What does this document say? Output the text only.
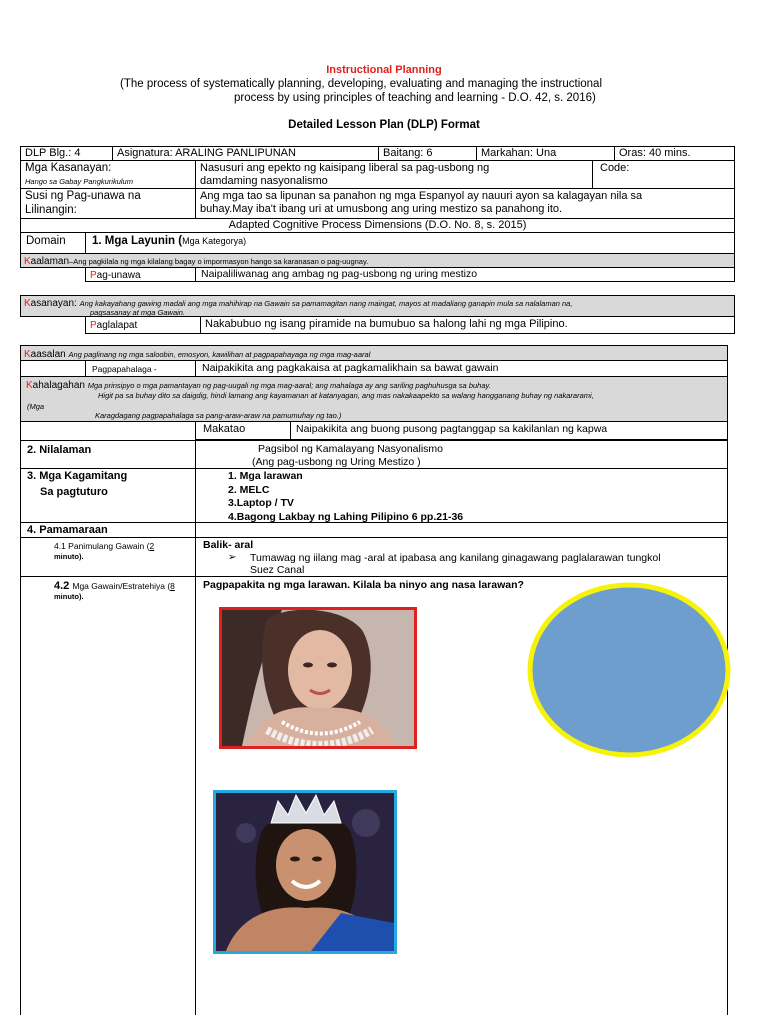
Instructional Planning
(The process of systematically planning, developing, evaluating and managing the instructional
process by using principles of teaching and learning - D.O. 42, s. 2016)
Detailed Lesson Plan (DLP) Format
DLP Blg.: 4	Asignatura: ARALING PANLIPUNAN	Baitang: 6	Markahan: Una	Oras: 40 mins.
Mga Kasanayan:
Hango sa Gabay Pangkurikulum
Nasusuri ang epekto ng kaisipang liberal sa pag-usbong ng
damdaming nasyonalismo
Code:
Susi ng Pag-unawa na
Lilinangin:
Ang mga tao sa lipunan sa panahon ng mga Espanyol ay nauuri ayon sa kalagayan nila sa
buhay.May iba't ibang uri at umusbong ang uring mestizo sa panahong ito.
Adapted Cognitive Process Dimensions (D.O. No. 8, s. 2015)
Domain 1. Mga Layunin (Mga Kategorya)
Kaalaman–Ang pagkilala ng mga kilalang bagay o impormasyon hango sa karanasan o pag-uugnay.
Pag-unawa	Naipaliliwanag ang ambag ng pag-usbong ng uring mestizo
Kasanayan: Ang kakayahang gawing madali ang mga mahihirap na Gawain sa pamamagitan nang maingat, mayos at madaliang ganapin mula sa nalalaman na,
pagsasanay at mga Gawain.
Paglalapat	Nakabubuo ng isang piramide na bumubuo sa halong lahi ng mga Pilipino.
Kaasalan Ang paglinang ng mga saloobin, emosyon, kawilihan at pagpapahayaga ng mga mag-aaral
Pagpapahalaga -	Naipakikita ang pagkakaisa at pagkamalikhain sa bawat gawain
Kahalagahan Mga prinsipyo o mga pamantayan ng pag-uugali ng mga mag-aaral; ang mahalaga ay ang sariling paghuhusga sa buhay.
Higit pa sa buhay dito sa daigdig, hindi lamang ang kayamanan at katanyagan, ang mas nakakaapekto sa walang hangganang buhay ng nakararami,
(Mga
Karagdagang pagpapahalaga sa pang-araw-araw na pamumuhay ng tao.)
Makatao	Naipakikita ang buong pusong pagtanggap sa kakilanlan ng kapwa
2. Nilalaman	Pagsibol ng Kamalayang Nasyonalismo
(Ang pag-usbong ng Uring Mestizo )
3. Mga Kagamitang
Sa pagtuturo
1. Mga larawan
2. MELC
3.Laptop / TV
4.Bagong Lakbay ng Lahing Pilipino 6 pp.21-36
4. Pamamaraan
4.1 Panimulang Gawain (2
minuto).
Balik- aral
➢ Tumawag ng iilang mag -aral at ipabasa ang kanilang ginagawang paglalarawan tungkol
Suez Canal
4.2 Mga Gawain/Estratehiya (8
minuto).
Pagpapakita ng mga larawan. Kilala ba ninyo ang nasa larawan?
